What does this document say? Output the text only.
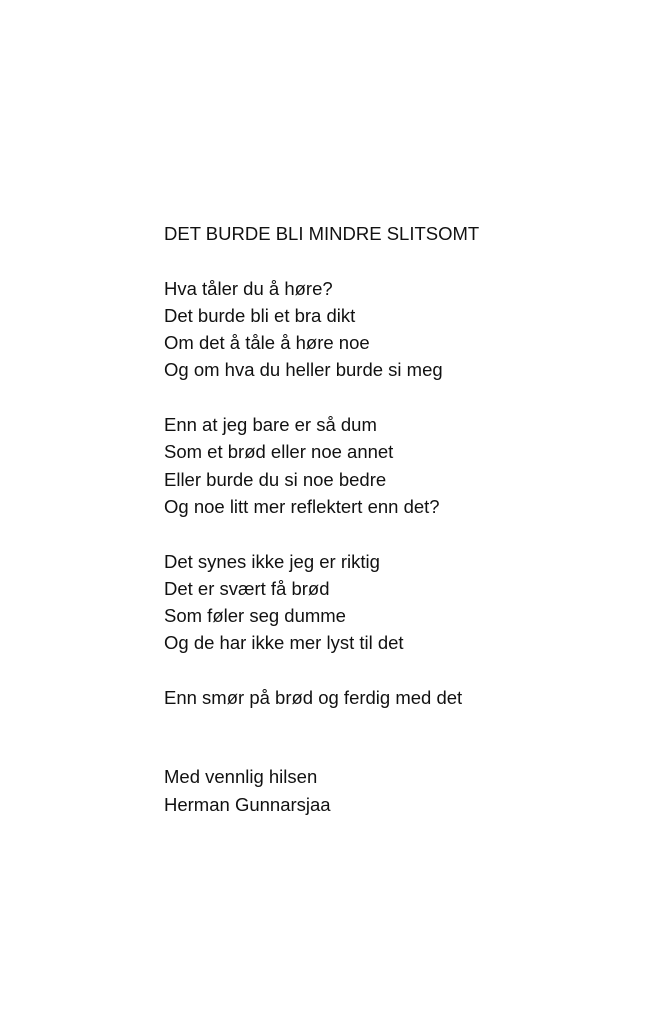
DET BURDE BLI MINDRE SLITSOMT
Hva tåler du å høre?
Det burde bli et bra dikt
Om det å tåle å høre noe
Og om hva du heller burde si meg
Enn at jeg bare er så dum
Som et brød eller noe annet
Eller burde du si noe bedre
Og noe litt mer reflektert enn det?
Det synes ikke jeg er riktig
Det er svært få brød
Som føler seg dumme
Og de har ikke mer lyst til det
Enn smør på brød og ferdig med det
Med vennlig hilsen
Herman Gunnarsjaa
